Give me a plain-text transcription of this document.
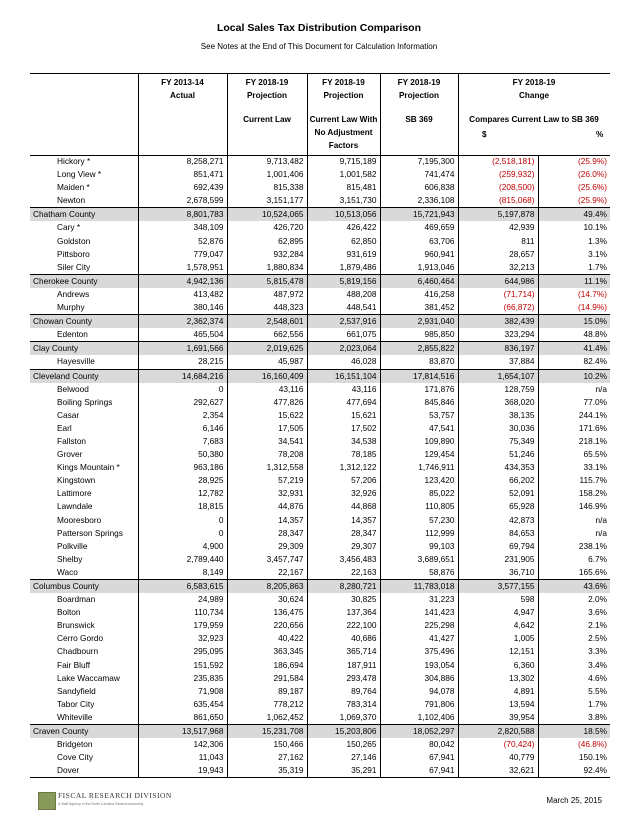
Local Sales Tax Distribution Comparison
See Notes at the End of This Document for Calculation Information
FY 2013-14
Actual
FY 2018-19
Projection
Current Law
FY 2018-19
Projection
Current Law With
No Adjustment
Factors
FY 2018-19
Projection
SB 369
FY 2018-19
Change
Compares Current Law to SB 369
$	%
Hickory *	8,258,271	9,713,482	9,715,189	7,195,300	(2,518,181)	(25.9%)
Long View *	851,471	1,001,406	1,001,582	741,474	(259,932)	(26.0%)
Maiden *	692,439	815,338	815,481	606,838	(208,500)	(25.6%)
Newton	2,678,599	3,151,177	3,151,730	2,336,108	(815,068)	(25.9%)
Chatham County	8,801,783	10,524,065	10,513,056	15,721,943	5,197,878	49.4%
Cary *	348,109	426,720	426,422	469,659	42,939	10.1%
Goldston	52,876	62,895	62,850	63,706	811	1.3%
Pittsboro	779,047	932,284	931,619	960,941	28,657	3.1%
Siler City	1,578,951	1,880,834	1,879,486	1,913,046	32,213	1.7%
Cherokee County	4,942,136	5,815,478	5,819,156	6,460,464	644,986	11.1%
Andrews	413,482	487,972	488,208	416,258	(71,714)	(14.7%)
Murphy	380,146	448,323	448,541	381,452	(66,872)	(14.9%)
Chowan County	2,362,374	2,548,601	2,537,916	2,931,040	382,439	15.0%
Edenton	465,504	662,556	661,075	985,850	323,294	48.8%
Clay County	1,691,566	2,019,625	2,023,064	2,855,822	836,197	41.4%
Hayesville	28,215	45,987	46,028	83,870	37,884	82.4%
Cleveland County	14,684,216	16,160,409	16,151,104	17,814,516	1,654,107	10.2%
Belwood	0	43,116	43,116	171,876	128,759	n/a
Boiling Springs	292,627	477,826	477,694	845,846	368,020	77.0%
Casar	2,354	15,622	15,621	53,757	38,135	244.1%
Earl	6,146	17,505	17,502	47,541	30,036	171.6%
Fallston	7,683	34,541	34,538	109,890	75,349	218.1%
Grover	50,380	78,208	78,185	129,454	51,246	65.5%
Kings Mountain *	963,186	1,312,558	1,312,122	1,746,911	434,353	33.1%
Kingstown	28,925	57,219	57,206	123,420	66,202	115.7%
Lattimore	12,782	32,931	32,926	85,022	52,091	158.2%
Lawndale	18,815	44,876	44,868	110,805	65,928	146.9%
Mooresboro	0	14,357	14,357	57,230	42,873	n/a
Patterson Springs	0	28,347	28,347	112,999	84,653	n/a
Polkville	4,900	29,309	29,307	99,103	69,794	238.1%
Shelby	2,789,440	3,457,747	3,456,483	3,689,651	231,905	6.7%
Waco	8,149	22,167	22,163	58,876	36,710	165.6%
Columbus County	6,583,615	8,205,863	8,280,721	11,783,018	3,577,155	43.6%
Boardman	24,989	30,624	30,825	31,223	598	2.0%
Bolton	110,734	136,475	137,364	141,423	4,947	3.6%
Brunswick	179,959	220,656	222,100	225,298	4,642	2.1%
Cerro Gordo	32,923	40,422	40,686	41,427	1,005	2.5%
Chadbourn	295,095	363,345	365,714	375,496	12,151	3.3%
Fair Bluff	151,592	186,694	187,911	193,054	6,360	3.4%
Lake Waccamaw	235,835	291,584	293,478	304,886	13,302	4.6%
Sandyfield	71,908	89,187	89,764	94,078	4,891	5.5%
Tabor City	635,454	778,212	783,314	791,806	13,594	1.7%
Whiteville	861,650	1,062,452	1,069,370	1,102,406	39,954	3.8%
Craven County	13,517,968	15,231,708	15,203,806	18,052,297	2,820,588	18.5%
Bridgeton	142,306	150,466	150,265	80,042	(70,424)	(46.8%)
Cove City	11,043	27,162	27,146	67,941	40,779	150.1%
Dover	19,943	35,319	35,291	67,941	32,621	92.4%
FISCAL RESEARCH DIVISION
A Staff Agency of the North Carolina General Assembly	March 25, 2015
